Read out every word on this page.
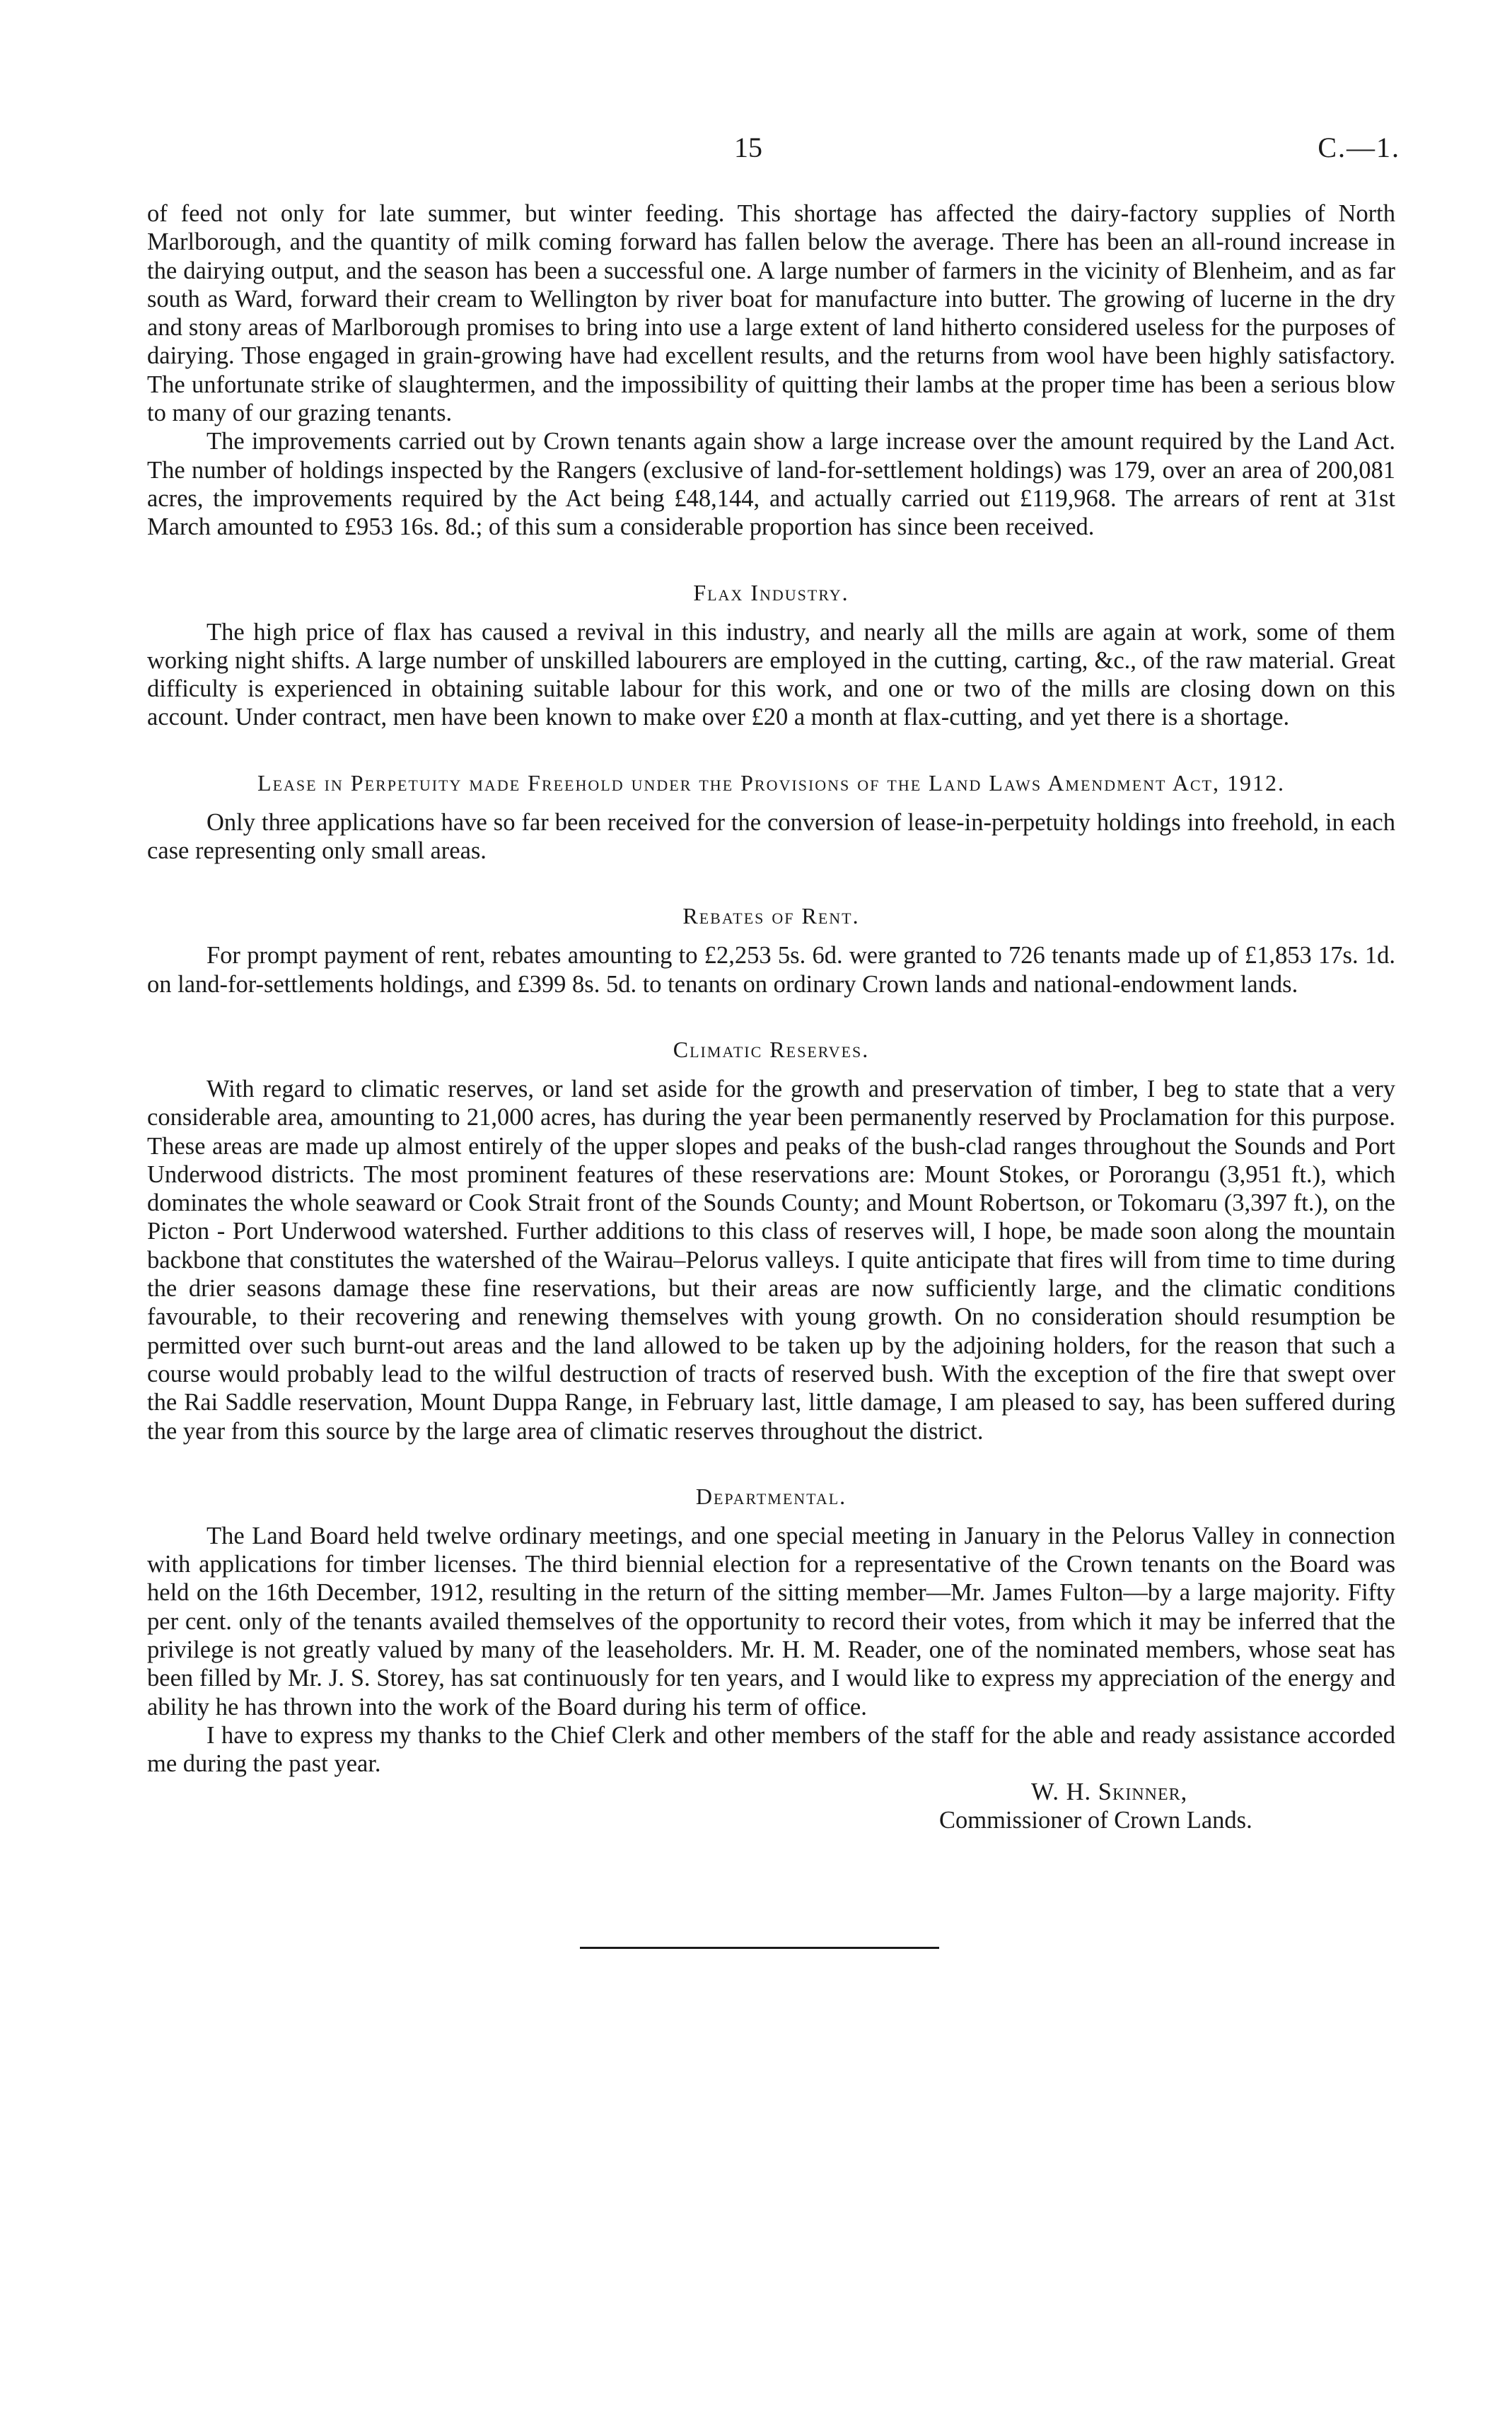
15	C.—1.

of feed not only for late summer, but winter feeding. This shortage has affected the dairy-factory supplies of North Marlborough, and the quantity of milk coming forward has fallen below the average. There has been an all-round increase in the dairying output, and the season has been a successful one. A large number of farmers in the vicinity of Blenheim, and as far south as Ward, forward their cream to Wellington by river boat for manufacture into butter. The growing of lucerne in the dry and stony areas of Marlborough promises to bring into use a large extent of land hitherto considered useless for the purposes of dairying. Those engaged in grain-growing have had excellent results, and the returns from wool have been highly satisfactory. The unfortunate strike of slaughtermen, and the impossibility of quitting their lambs at the proper time has been a serious blow to many of our grazing tenants.

The improvements carried out by Crown tenants again show a large increase over the amount required by the Land Act. The number of holdings inspected by the Rangers (exclusive of land-for-settlement holdings) was 179, over an area of 200,081 acres, the improvements required by the Act being £48,144, and actually carried out £119,968. The arrears of rent at 31st March amounted to £953 16s. 8d.; of this sum a considerable proportion has since been received.

Flax Industry.

The high price of flax has caused a revival in this industry, and nearly all the mills are again at work, some of them working night shifts. A large number of unskilled labourers are employed in the cutting, carting, &c., of the raw material. Great difficulty is experienced in obtaining suitable labour for this work, and one or two of the mills are closing down on this account. Under contract, men have been known to make over £20 a month at flax-cutting, and yet there is a shortage.

Lease in Perpetuity made Freehold under the Provisions of the Land Laws Amendment Act, 1912.

Only three applications have so far been received for the conversion of lease-in-perpetuity holdings into freehold, in each case representing only small areas.

Rebates of Rent.

For prompt payment of rent, rebates amounting to £2,253 5s. 6d. were granted to 726 tenants made up of £1,853 17s. 1d. on land-for-settlements holdings, and £399 8s. 5d. to tenants on ordinary Crown lands and national-endowment lands.

Climatic Reserves.

With regard to climatic reserves, or land set aside for the growth and preservation of timber, I beg to state that a very considerable area, amounting to 21,000 acres, has during the year been permanently reserved by Proclamation for this purpose. These areas are made up almost entirely of the upper slopes and peaks of the bush-clad ranges throughout the Sounds and Port Underwood districts. The most prominent features of these reservations are: Mount Stokes, or Pororangu (3,951 ft.), which dominates the whole seaward or Cook Strait front of the Sounds County; and Mount Robertson, or Tokomaru (3,397 ft.), on the Picton - Port Underwood watershed. Further additions to this class of reserves will, I hope, be made soon along the mountain backbone that constitutes the watershed of the Wairau–Pelorus valleys. I quite anticipate that fires will from time to time during the drier seasons damage these fine reservations, but their areas are now sufficiently large, and the climatic conditions favourable, to their recovering and renewing themselves with young growth. On no consideration should resumption be permitted over such burnt-out areas and the land allowed to be taken up by the adjoining holders, for the reason that such a course would probably lead to the wilful destruction of tracts of reserved bush. With the exception of the fire that swept over the Rai Saddle reservation, Mount Duppa Range, in February last, little damage, I am pleased to say, has been suffered during the year from this source by the large area of climatic reserves throughout the district.

Departmental.

The Land Board held twelve ordinary meetings, and one special meeting in January in the Pelorus Valley in connection with applications for timber licenses. The third biennial election for a representative of the Crown tenants on the Board was held on the 16th December, 1912, resulting in the return of the sitting member—Mr. James Fulton—by a large majority. Fifty per cent. only of the tenants availed themselves of the opportunity to record their votes, from which it may be inferred that the privilege is not greatly valued by many of the leaseholders. Mr. H. M. Reader, one of the nominated members, whose seat has been filled by Mr. J. S. Storey, has sat continuously for ten years, and I would like to express my appreciation of the energy and ability he has thrown into the work of the Board during his term of office.

I have to express my thanks to the Chief Clerk and other members of the staff for the able and ready assistance accorded me during the past year.

W. H. Skinner,
Commissioner of Crown Lands.
